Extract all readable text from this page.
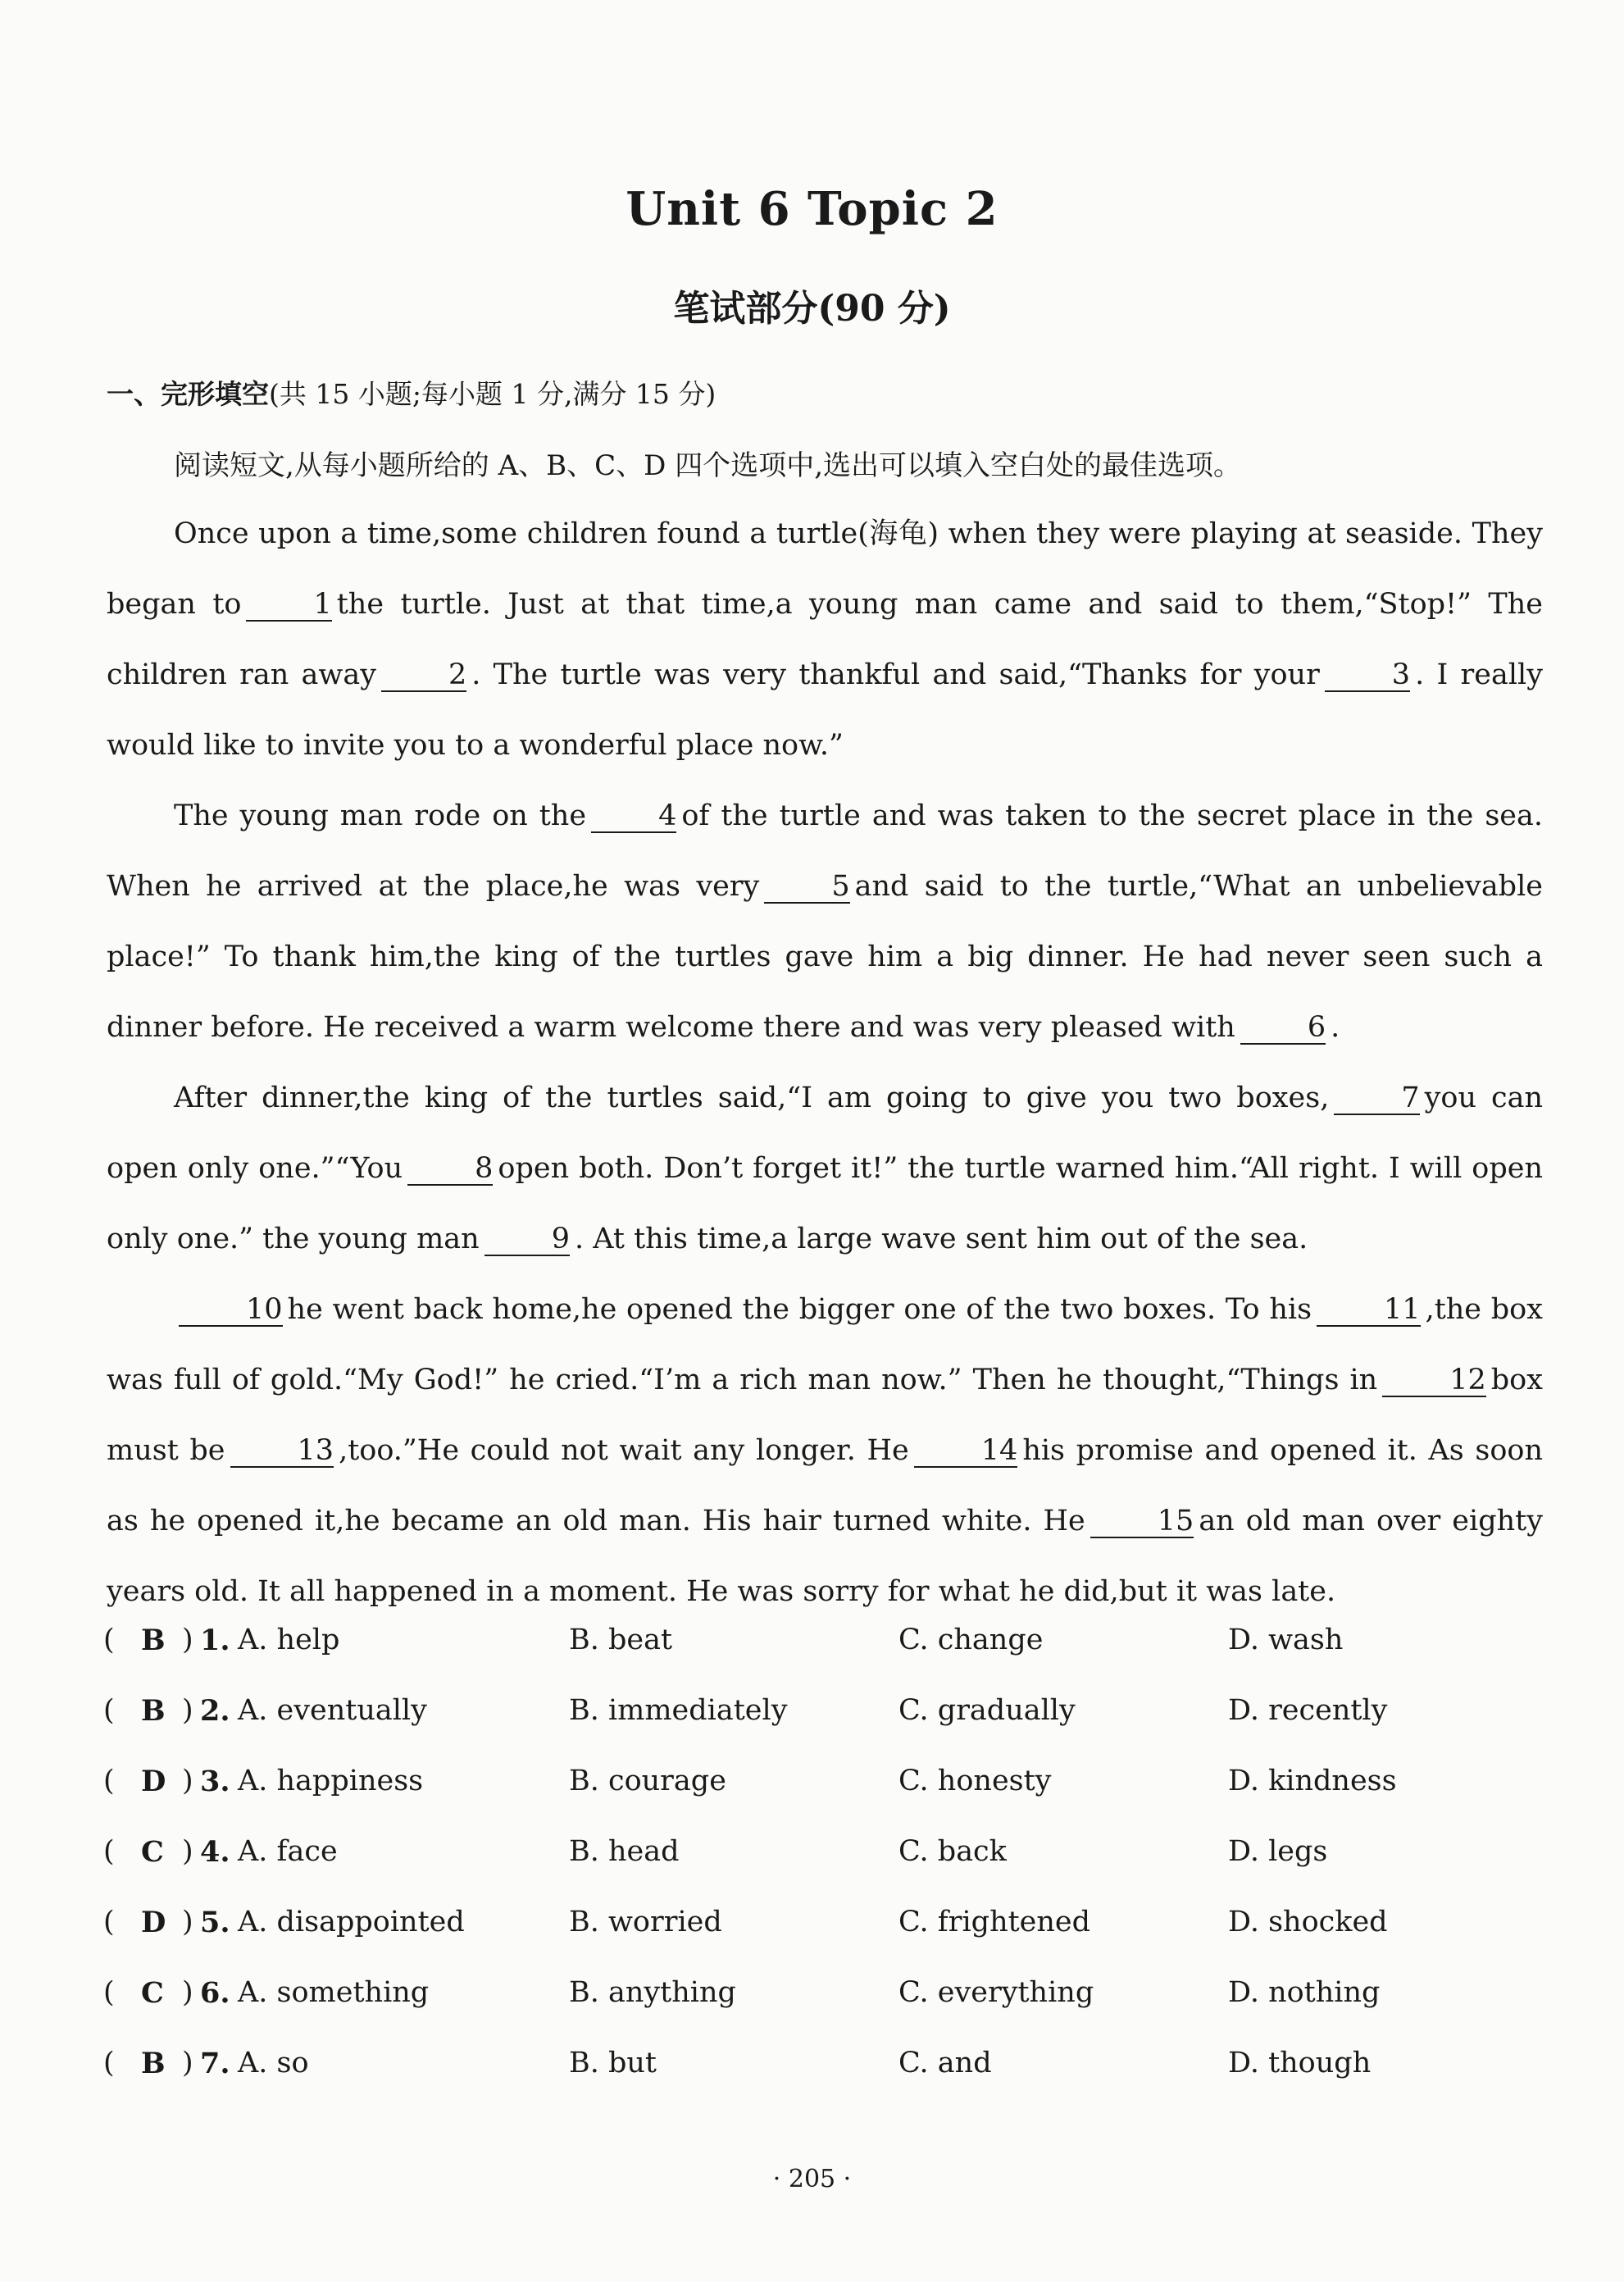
Unit 6 Topic 2
笔试部分(90 分)
一、完形填空(共 15 小题;每小题 1 分,满分 15 分)
阅读短文,从每小题所给的 A、B、C、D 四个选项中,选出可以填入空白处的最佳选项。

Once upon a time,some children found a turtle(海龟) when they were playing at seaside. They began to	1 the turtle. Just at that time,a young man came and said to them,“Stop!” The children ran away	2 . The turtle was very thankful and said,“Thanks for your	3 . I really would like to invite you to a wonderful place now.”

The young man rode on the	4 of the turtle and was taken to the secret place in the sea. When he arrived at the place,he was very	5 and said to the turtle,“What an unbelievable place!” To thank him,the king of the turtles gave him a big dinner. He had never seen such a dinner before. He received a warm welcome there and was very pleased with	6 .

After dinner,the king of the turtles said,“I am going to give you two boxes,	7 you can open only one.”“You	8 open both. Don’t forget it!” the turtle warned him.“All right. I will open only one.” the young man	9 . At this time,a large wave sent him out of the sea.

10 he went back home,he opened the bigger one of the two boxes. To his	11 ,the box was full of gold.“My God!” he cried.“I’m a rich man now.” Then he thought,“Things in	12 box must be	13 ,too.”He could not wait any longer. He	14 his promise and opened it. As soon as he opened it,he became an old man. His hair turned white. He	15 an old man over eighty years old. It all happened in a moment. He was sorry for what he did,but it was late.

( B ) 1. A. help	B. beat	C. change	D. wash
( B ) 2. A. eventually	B. immediately	C. gradually	D. recently
( D ) 3. A. happiness	B. courage	C. honesty	D. kindness
( C ) 4. A. face	B. head	C. back	D. legs
( D ) 5. A. disappointed	B. worried	C. frightened	D. shocked
( C ) 6. A. something	B. anything	C. everything	D. nothing
( B ) 7. A. so	B. but	C. and	D. though
· 205 ·
